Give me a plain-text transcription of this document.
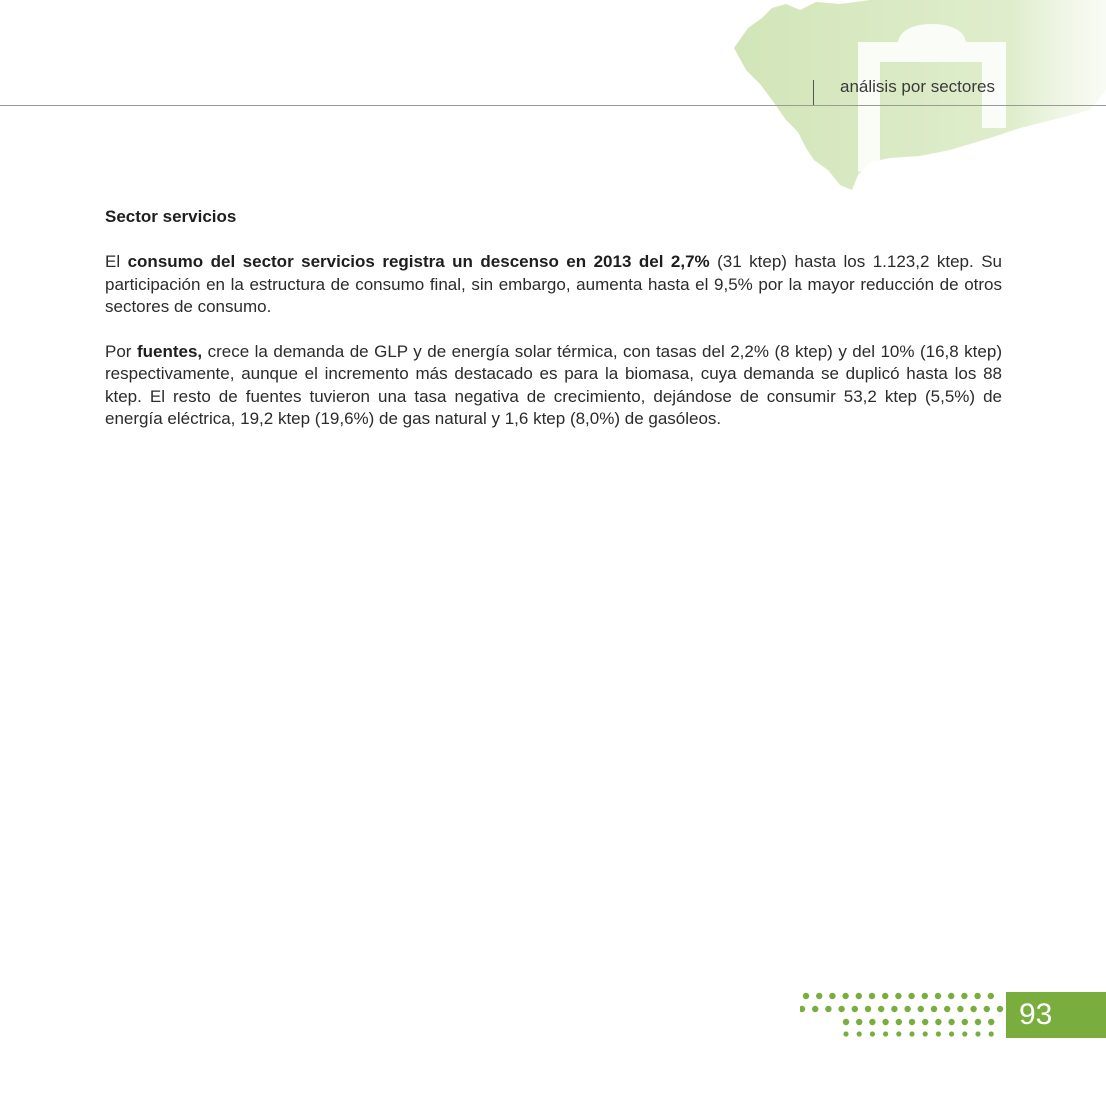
análisis por sectores

Sector servicios

El consumo del sector servicios registra un descenso en 2013 del 2,7% (31 ktep) hasta los 1.123,2 ktep. Su participación en la estructura de consumo final, sin embargo, aumenta hasta el 9,5% por la mayor reducción de otros sectores de consumo.

Por fuentes, crece la demanda de GLP y de energía solar térmica, con tasas del 2,2% (8 ktep) y del 10% (16,8 ktep) respectivamente, aunque el incremento más destacado es para la biomasa, cuya demanda se duplicó hasta los 88 ktep. El resto de fuentes tuvieron una tasa negativa de crecimiento, dejándose de consumir 53,2 ktep (5,5%) de energía eléctrica, 19,2 ktep (19,6%) de gas natural y 1,6 ktep (8,0%) de gasóleos.

93
